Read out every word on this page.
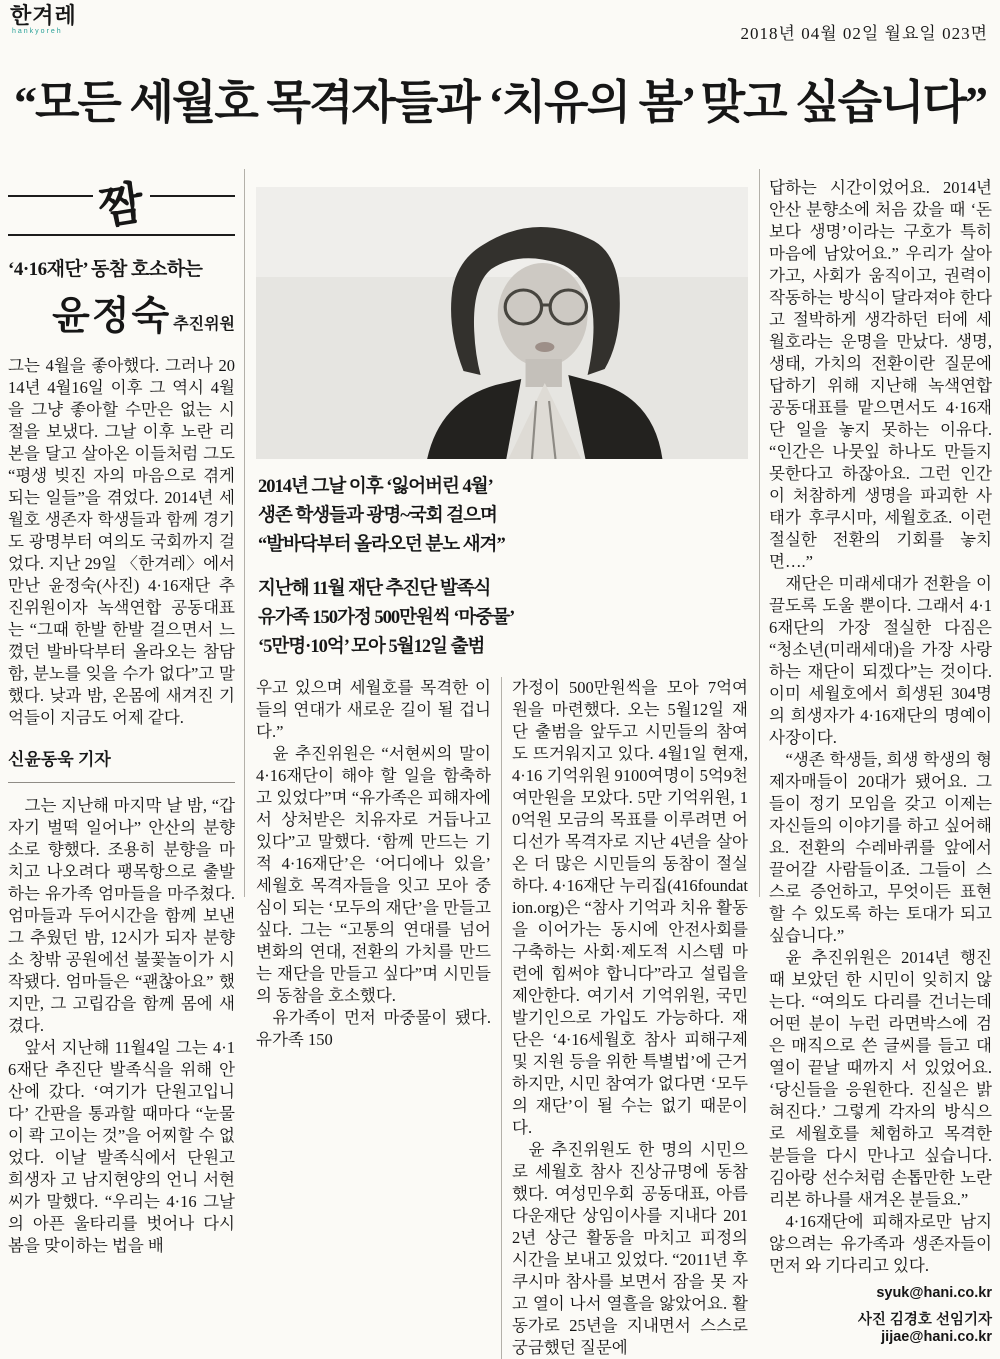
한겨레
hankyoreh	2018년 04월 02일 월요일 023면
“모든 세월호 목격자들과 ‘치유의 봄’ 맞고 싶습니다”
짬
‘4·16재단’ 동참 호소하는
윤정숙 추진위원

그는 4월을 좋아했다. 그러나 2014년 4월16일 이후 그 역시 4월을 그냥 좋아할 수만은 없는 시절을 보냈다. 그날 이후 노란 리본을 달고 살아온 이들처럼 그도 “평생 빚진 자의 마음으로 겪게 되는 일들”을 겪었다. 2014년 세월호 생존자 학생들과 함께 경기도 광명부터 여의도 국회까지 걸었다. 지난 29일 〈한겨레〉에서 만난 윤정숙(사진) 4·16재단 추진위원이자 녹색연합 공동대표는 “그때 한발 한발 걸으면서 느꼈던 발바닥부터 올라오는 참담함, 분노를 잊을 수가 없다”고 말했다. 낮과 밤, 온몸에 새겨진 기억들이 지금도 어제 같다.

신윤동욱 기자

그는 지난해 마지막 날 밤, “갑자기 벌떡 일어나” 안산의 분향소로 향했다. 조용히 분향을 마치고 나오려다 팽목항으로 출발하는 유가족 엄마들을 마주쳤다. 엄마들과 두어시간을 함께 보낸 그 추웠던 밤, 12시가 되자 분향소 창밖 공원에선 불꽃놀이가 시작됐다. 엄마들은 “괜찮아요” 했지만, 그 고립감을 함께 몸에 새겼다.

앞서 지난해 11월4일 그는 4·16재단 추진단 발족식을 위해 안산에 갔다. ‘여기가 단원고입니다’ 간판을 통과할 때마다 “눈물이 콱 고이는 것”을 어찌할 수 없었다. 이날 발족식에서 단원고 희생자 고 남지현양의 언니 서현씨가 말했다. “우리는 4·16 그날의 아픈 울타리를 벗어나 다시 봄을 맞이하는 법을 배

2014년 그날 이후 ‘잃어버린 4월’
생존 학생들과 광명~국회 걸으며
“발바닥부터 올라오던 분노 새겨”
지난해 11월 재단 추진단 발족식
유가족 150가정 500만원씩 ‘마중물’
‘5만명·10억’ 모아 5월12일 출범

우고 있으며 세월호를 목격한 이들의 연대가 새로운 길이 될 겁니다.”

윤 추진위원은 “서현씨의 말이 4·16재단이 해야 할 일을 함축하고 있었다”며 “유가족은 피해자에서 상처받은 치유자로 거듭나고 있다”고 말했다. ‘함께 만드는 기적 4·16재단’은 ‘어디에나 있을’ 세월호 목격자들을 잇고 모아 중심이 되는 ‘모두의 재단’을 만들고 싶다. 그는 “고통의 연대를 넘어 변화의 연대, 전환의 가치를 만드는 재단을 만들고 싶다”며 시민들의 동참을 호소했다.

유가족이 먼저 마중물이 됐다. 유가족 150

가정이 500만원씩을 모아 7억여원을 마련했다. 오는 5월12일 재단 출범을 앞두고 시민들의 참여도 뜨거워지고 있다. 4월1일 현재, 4·16 기억위원 9100여명이 5억9천여만원을 모았다. 5만 기억위원, 10억원 모금의 목표를 이루려면 어디선가 목격자로 지난 4년을 살아온 더 많은 시민들의 동참이 절실하다. 4·16재단 누리집(416foundation.org)은 “참사 기억과 치유 활동을 이어가는 동시에 안전사회를 구축하는 사회·제도적 시스템 마련에 힘써야 합니다”라고 설립을 제안한다. 여기서 기억위원, 국민발기인으로 가입도 가능하다. 재단은 ‘4·16세월호 참사 피해구제 및 지원 등을 위한 특별법’에 근거하지만, 시민 참여가 없다면 ‘모두의 재단’이 될 수는 없기 때문이다.

윤 추진위원도 한 명의 시민으로 세월호 참사 진상규명에 동참했다. 여성민우회 공동대표, 아름다운재단 상임이사를 지내다 2012년 상근 활동을 마치고 피정의 시간을 보내고 있었다. “2011년 후쿠시마 참사를 보면서 잠을 못 자고 열이 나서 열흘을 앓았어요. 활동가로 25년을 지내면서 스스로 궁금했던 질문에

답하는 시간이었어요. 2014년 안산 분향소에 처음 갔을 때 ‘돈보다 생명’이라는 구호가 특히 마음에 남았어요.” 우리가 살아가고, 사회가 움직이고, 권력이 작동하는 방식이 달라져야 한다고 절박하게 생각하던 터에 세월호라는 운명을 만났다. 생명, 생태, 가치의 전환이란 질문에 답하기 위해 지난해 녹색연합 공동대표를 맡으면서도 4·16재단 일을 놓지 못하는 이유다. “인간은 나뭇잎 하나도 만들지 못한다고 하잖아요. 그런 인간이 처참하게 생명을 파괴한 사태가 후쿠시마, 세월호죠. 이런 절실한 전환의 기회를 놓치면….”

재단은 미래세대가 전환을 이끌도록 도울 뿐이다. 그래서 4·16재단의 가장 절실한 다짐은 “청소년(미래세대)을 가장 사랑하는 재단이 되겠다”는 것이다. 이미 세월호에서 희생된 304명의 희생자가 4·16재단의 명예이사장이다.

“생존 학생들, 희생 학생의 형제자매들이 20대가 됐어요. 그들이 정기 모임을 갖고 이제는 자신들의 이야기를 하고 싶어해요. 전환의 수레바퀴를 앞에서 끌어갈 사람들이죠. 그들이 스스로 증언하고, 무엇이든 표현할 수 있도록 하는 토대가 되고 싶습니다.”

윤 추진위원은 2014년 행진 때 보았던 한 시민이 잊히지 않는다. “여의도 다리를 건너는데 어떤 분이 누런 라면박스에 검은 매직으로 쓴 글씨를 들고 대열이 끝날 때까지 서 있었어요. ‘당신들을 응원한다. 진실은 밝혀진다.’ 그렇게 각자의 방식으로 세월호를 체험하고 목격한 분들을 다시 만나고 싶습니다. 김아랑 선수처럼 손톱만한 노란 리본 하나를 새겨온 분들요.”

4·16재단에 피해자로만 남지 않으려는 유가족과 생존자들이 먼저 와 기다리고 있다.

syuk@hani.co.kr
사진 김경호 선임기자 jijae@hani.co.kr
